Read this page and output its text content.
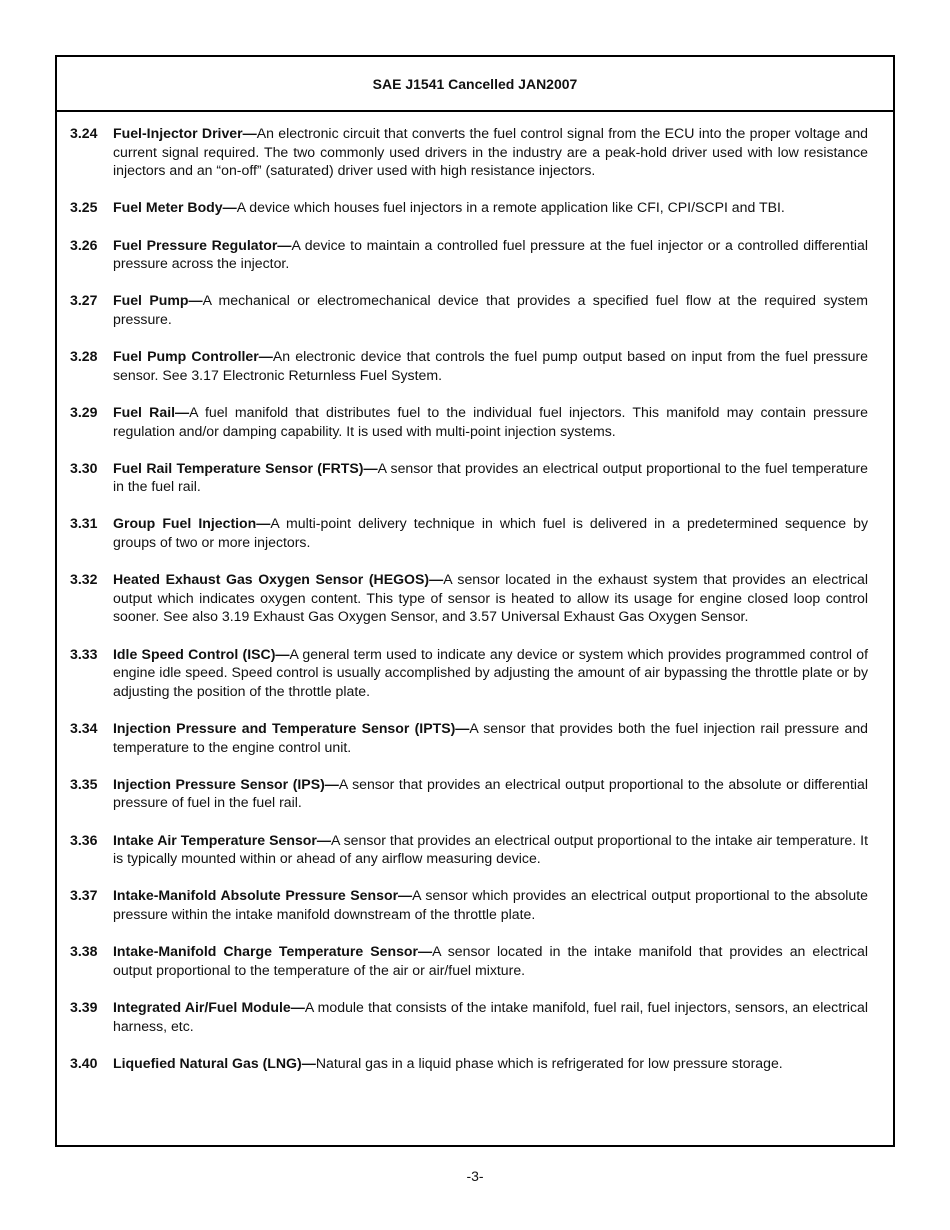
SAE J1541 Cancelled JAN2007
3.24	Fuel-Injector Driver—An electronic circuit that converts the fuel control signal from the ECU into the proper voltage and current signal required. The two commonly used drivers in the industry are a peak-hold driver used with low resistance injectors and an “on-off” (saturated) driver used with high resistance injectors.
3.25	Fuel Meter Body—A device which houses fuel injectors in a remote application like CFI, CPI/SCPI and TBI.
3.26	Fuel Pressure Regulator—A device to maintain a controlled fuel pressure at the fuel injector or a controlled differential pressure across the injector.
3.27	Fuel Pump—A mechanical or electromechanical device that provides a specified fuel flow at the required system pressure.
3.28	Fuel Pump Controller—An electronic device that controls the fuel pump output based on input from the fuel pressure sensor. See 3.17 Electronic Returnless Fuel System.
3.29	Fuel Rail—A fuel manifold that distributes fuel to the individual fuel injectors. This manifold may contain pressure regulation and/or damping capability. It is used with multi-point injection systems.
3.30	Fuel Rail Temperature Sensor (FRTS)—A sensor that provides an electrical output proportional to the fuel temperature in the fuel rail.
3.31	Group Fuel Injection—A multi-point delivery technique in which fuel is delivered in a predetermined sequence by groups of two or more injectors.
3.32	Heated Exhaust Gas Oxygen Sensor (HEGOS)—A sensor located in the exhaust system that provides an electrical output which indicates oxygen content. This type of sensor is heated to allow its usage for engine closed loop control sooner. See also 3.19 Exhaust Gas Oxygen Sensor, and 3.57 Universal Exhaust Gas Oxygen Sensor.
3.33	Idle Speed Control (ISC)—A general term used to indicate any device or system which provides programmed control of engine idle speed. Speed control is usually accomplished by adjusting the amount of air bypassing the throttle plate or by adjusting the position of the throttle plate.
3.34	Injection Pressure and Temperature Sensor (IPTS)—A sensor that provides both the fuel injection rail pressure and temperature to the engine control unit.
3.35	Injection Pressure Sensor (IPS)—A sensor that provides an electrical output proportional to the absolute or differential pressure of fuel in the fuel rail.
3.36	Intake Air Temperature Sensor—A sensor that provides an electrical output proportional to the intake air temperature. It is typically mounted within or ahead of any airflow measuring device.
3.37	Intake-Manifold Absolute Pressure Sensor—A sensor which provides an electrical output proportional to the absolute pressure within the intake manifold downstream of the throttle plate.
3.38	Intake-Manifold Charge Temperature Sensor—A sensor located in the intake manifold that provides an electrical output proportional to the temperature of the air or air/fuel mixture.
3.39	Integrated Air/Fuel Module—A module that consists of the intake manifold, fuel rail, fuel injectors, sensors, an electrical harness, etc.
3.40	Liquefied Natural Gas (LNG)—Natural gas in a liquid phase which is refrigerated for low pressure storage.
-3-
